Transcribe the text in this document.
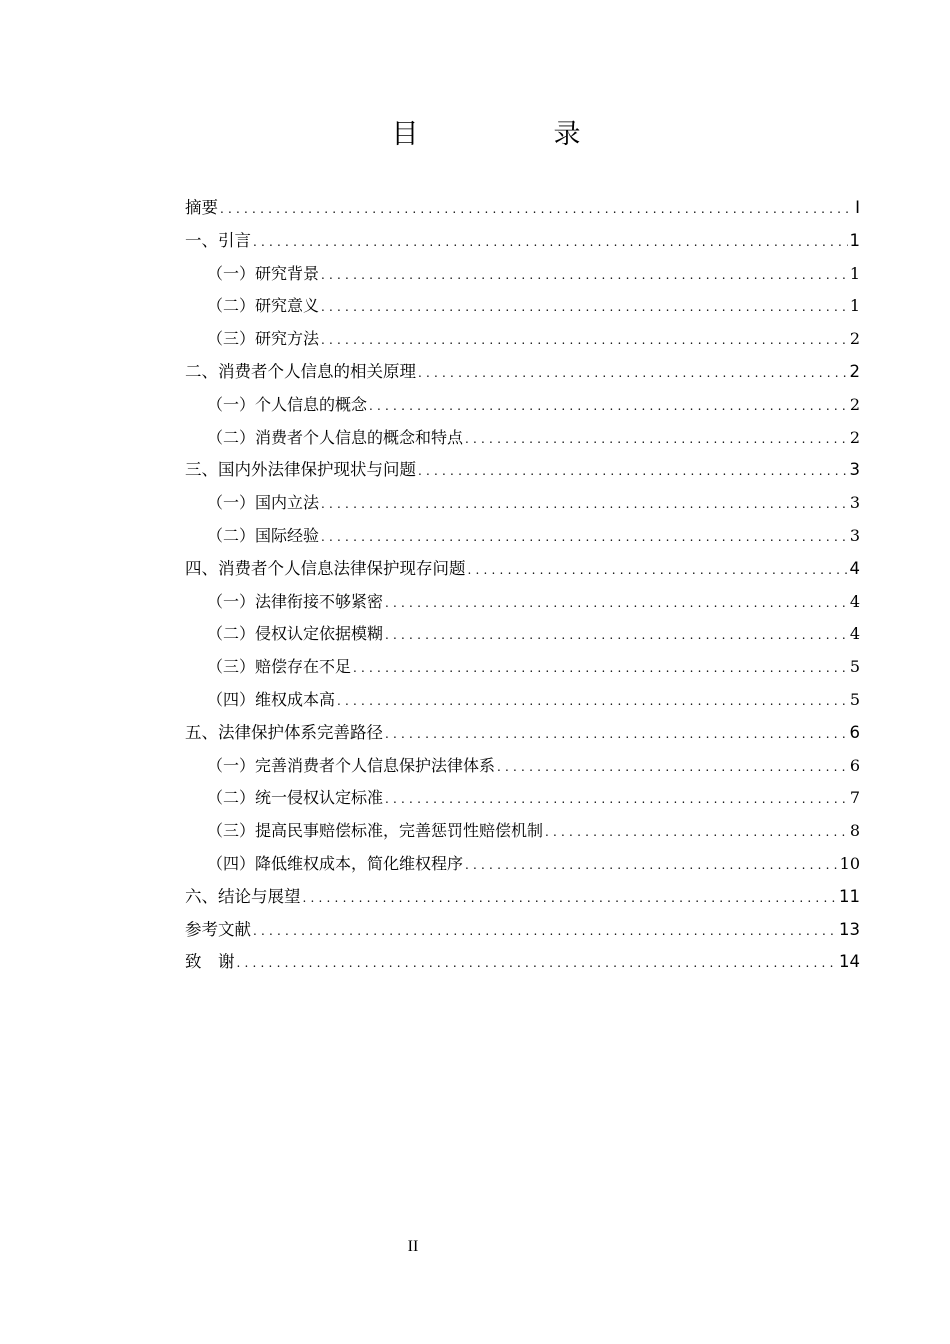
目　录
摘要 .....	I
一、引言 .....	1
（一）研究背景 .....	1
（二）研究意义 .....	1
（三）研究方法 .....	2
二、消费者个人信息的相关原理 .....	2
（一）个人信息的概念 .....	2
（二）消费者个人信息的概念和特点 .....	2
三、国内外法律保护现状与问题 .....	3
（一）国内立法 .....	3
（二）国际经验 .....	3
四、消费者个人信息法律保护现存问题 .....	4
（一）法律衔接不够紧密 .....	4
（二）侵权认定依据模糊 .....	4
（三）赔偿存在不足 .....	5
（四）维权成本高 .....	5
五、法律保护体系完善路径 .....	6
（一）完善消费者个人信息保护法律体系 .....	6
（二）统一侵权认定标准 .....	7
（三）提高民事赔偿标准，完善惩罚性赔偿机制 .....	8
（四）降低维权成本，简化维权程序 .....	10
六、结论与展望 .....	11
参考文献 .....	13
致　谢 .....	14
II
